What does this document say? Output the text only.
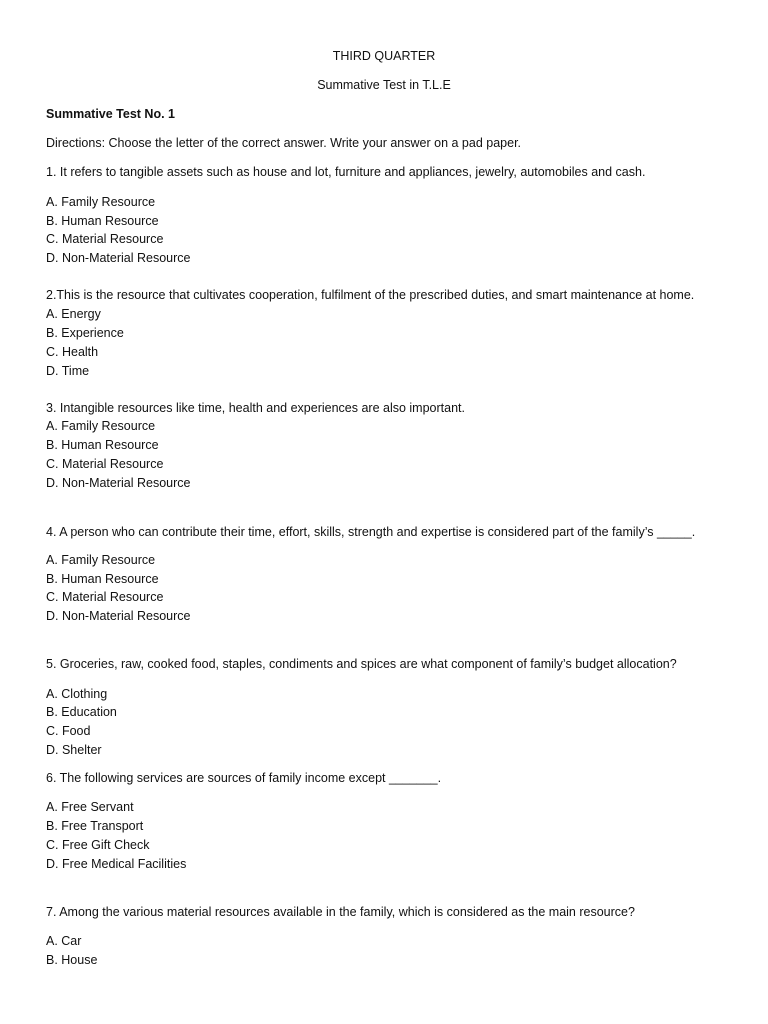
THIRD QUARTER
Summative Test in T.L.E
Summative Test No. 1
Directions: Choose the letter of the correct answer. Write your answer on a pad paper.
1. It refers to tangible assets such as house and lot, furniture and appliances, jewelry, automobiles and cash.
A. Family Resource
B. Human Resource
C. Material Resource
D. Non-Material Resource
2.This is the resource that cultivates cooperation, fulfilment of the prescribed duties, and smart maintenance at home.
A. Energy
B. Experience
C. Health
D. Time
3. Intangible resources like time, health and experiences are also important.
A. Family Resource
B. Human Resource
C. Material Resource
D. Non-Material Resource
4. A person who can contribute their time, effort, skills, strength and expertise is considered part of the family’s _____.
A. Family Resource
B. Human Resource
C. Material Resource
D. Non-Material Resource
5. Groceries, raw, cooked food, staples, condiments and spices are what component of family’s budget allocation?
A. Clothing
B. Education
C. Food
D. Shelter
6. The following services are sources of family income except _______.
A. Free Servant
B. Free Transport
C. Free Gift Check
D. Free Medical Facilities
7. Among the various material resources available in the family, which is considered as the main resource?
A. Car
B. House
